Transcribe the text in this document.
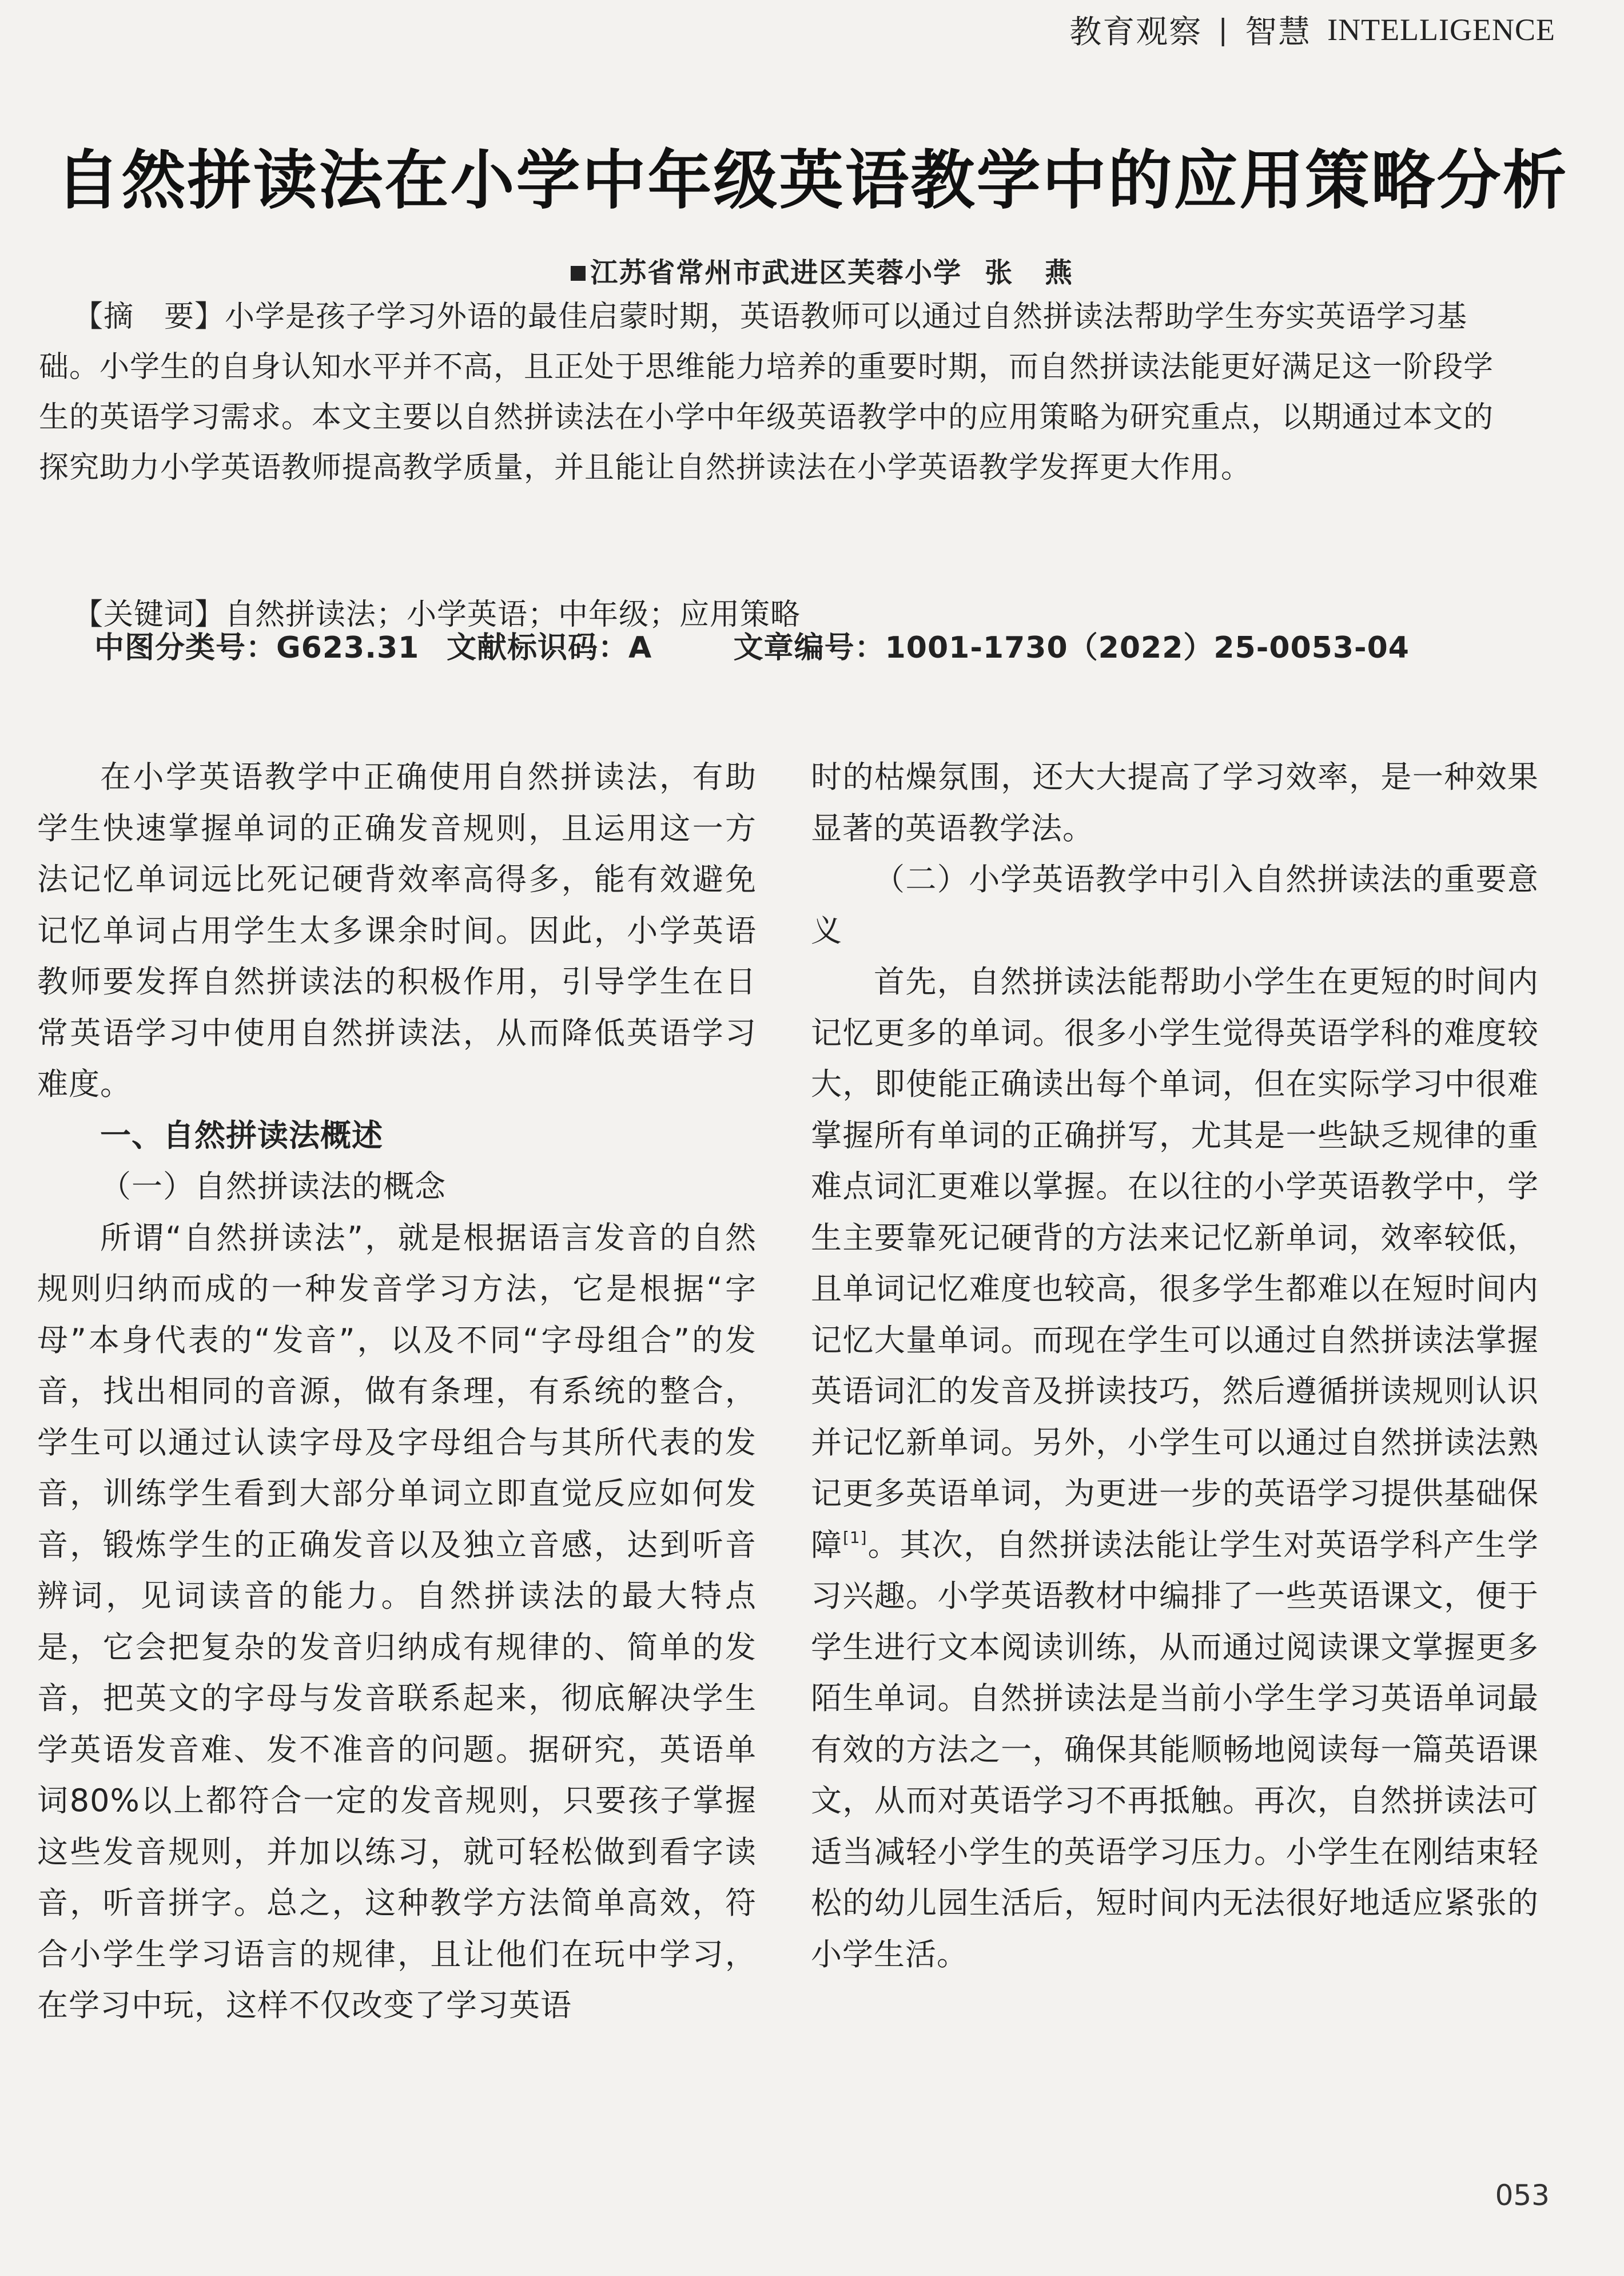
教育观察 | 智慧 INTELLIGENCE
自然拼读法在小学中年级英语教学中的应用策略分析
江苏省常州市武进区芙蓉小学 张 燕

【摘　要】小学是孩子学习外语的最佳启蒙时期，英语教师可以通过自然拼读法帮助学生夯实英语学习基础。小学生的自身认知水平并不高，且正处于思维能力培养的重要时期，而自然拼读法能更好满足这一阶段学生的英语学习需求。本文主要以自然拼读法在小学中年级英语教学中的应用策略为研究重点，以期通过本文的探究助力小学英语教师提高教学质量，并且能让自然拼读法在小学英语教学发挥更大作用。

【关键词】自然拼读法；小学英语；中年级；应用策略
中图分类号：G623.31 文献标识码：A	文章编号：1001-1730（2022）25-0053-04

在小学英语教学中正确使用自然拼读法，有助学生快速掌握单词的正确发音规则，且运用这一方法记忆单词远比死记硬背效率高得多，能有效避免记忆单词占用学生太多课余时间。因此，小学英语教师要发挥自然拼读法的积极作用，引导学生在日常英语学习中使用自然拼读法，从而降低英语学习难度。

一、自然拼读法概述

（一）自然拼读法的概念

所谓“自然拼读法”，就是根据语言发音的自然规则归纳而成的一种发音学习方法，它是根据“字母”本身代表的“发音”，以及不同“字母组合”的发音，找出相同的音源，做有条理，有系统的整合，学生可以通过认读字母及字母组合与其所代表的发音，训练学生看到大部分单词立即直觉反应如何发音，锻炼学生的正确发音以及独立音感，达到听音辨词，见词读音的能力。自然拼读法的最大特点是，它会把复杂的发音归纳成有规律的、简单的发音，把英文的字母与发音联系起来，彻底解决学生学英语发音难、发不准音的问题。据研究，英语单词80%以上都符合一定的发音规则，只要孩子掌握这些发音规则，并加以练习，就可轻松做到看字读音，听音拼字。总之，这种教学方法简单高效，符合小学生学习语言的规律，且让他们在玩中学习，在学习中玩，这样不仅改变了学习英语

时的枯燥氛围，还大大提高了学习效率，是一种效果显著的英语教学法。

（二）小学英语教学中引入自然拼读法的重要意义

首先，自然拼读法能帮助小学生在更短的时间内记忆更多的单词。很多小学生觉得英语学科的难度较大，即使能正确读出每个单词，但在实际学习中很难掌握所有单词的正确拼写，尤其是一些缺乏规律的重难点词汇更难以掌握。在以往的小学英语教学中，学生主要靠死记硬背的方法来记忆新单词，效率较低，且单词记忆难度也较高，很多学生都难以在短时间内记忆大量单词。而现在学生可以通过自然拼读法掌握英语词汇的发音及拼读技巧，然后遵循拼读规则认识并记忆新单词。另外，小学生可以通过自然拼读法熟记更多英语单词，为更进一步的英语学习提供基础保障[1]。其次，自然拼读法能让学生对英语学科产生学习兴趣。小学英语教材中编排了一些英语课文，便于学生进行文本阅读训练，从而通过阅读课文掌握更多陌生单词。自然拼读法是当前小学生学习英语单词最有效的方法之一，确保其能顺畅地阅读每一篇英语课文，从而对英语学习不再抵触。再次，自然拼读法可适当减轻小学生的英语学习压力。小学生在刚结束轻松的幼儿园生活后，短时间内无法很好地适应紧张的小学生活。

053
